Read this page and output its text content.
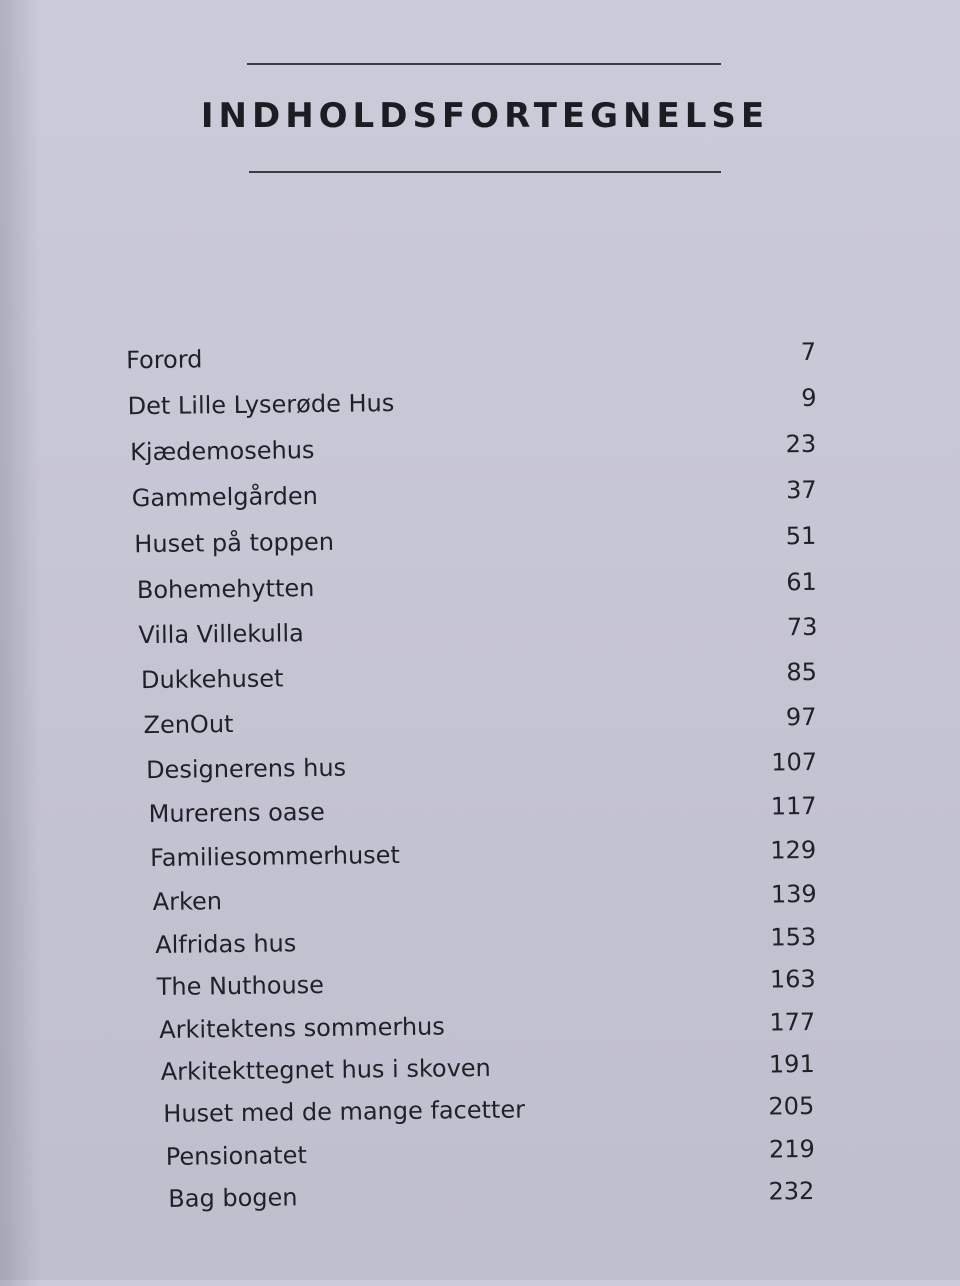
INDHOLDSFORTEGNELSE
Forord	7
Det Lille Lyserøde Hus	9
Kjædemosehus	23
Gammelgården	37
Huset på toppen	51
Bohemehytten	61
Villa Villekulla	73
Dukkehuset	85
ZenOut	97
Designerens hus	107
Murerens oase	117
Familiesommerhuset	129
Arken	139
Alfridas hus	153
The Nuthouse	163
Arkitektens sommerhus	177
Arkitekttegnet hus i skoven	191
Huset med de mange facetter	205
Pensionatet	219
Bag bogen	232
